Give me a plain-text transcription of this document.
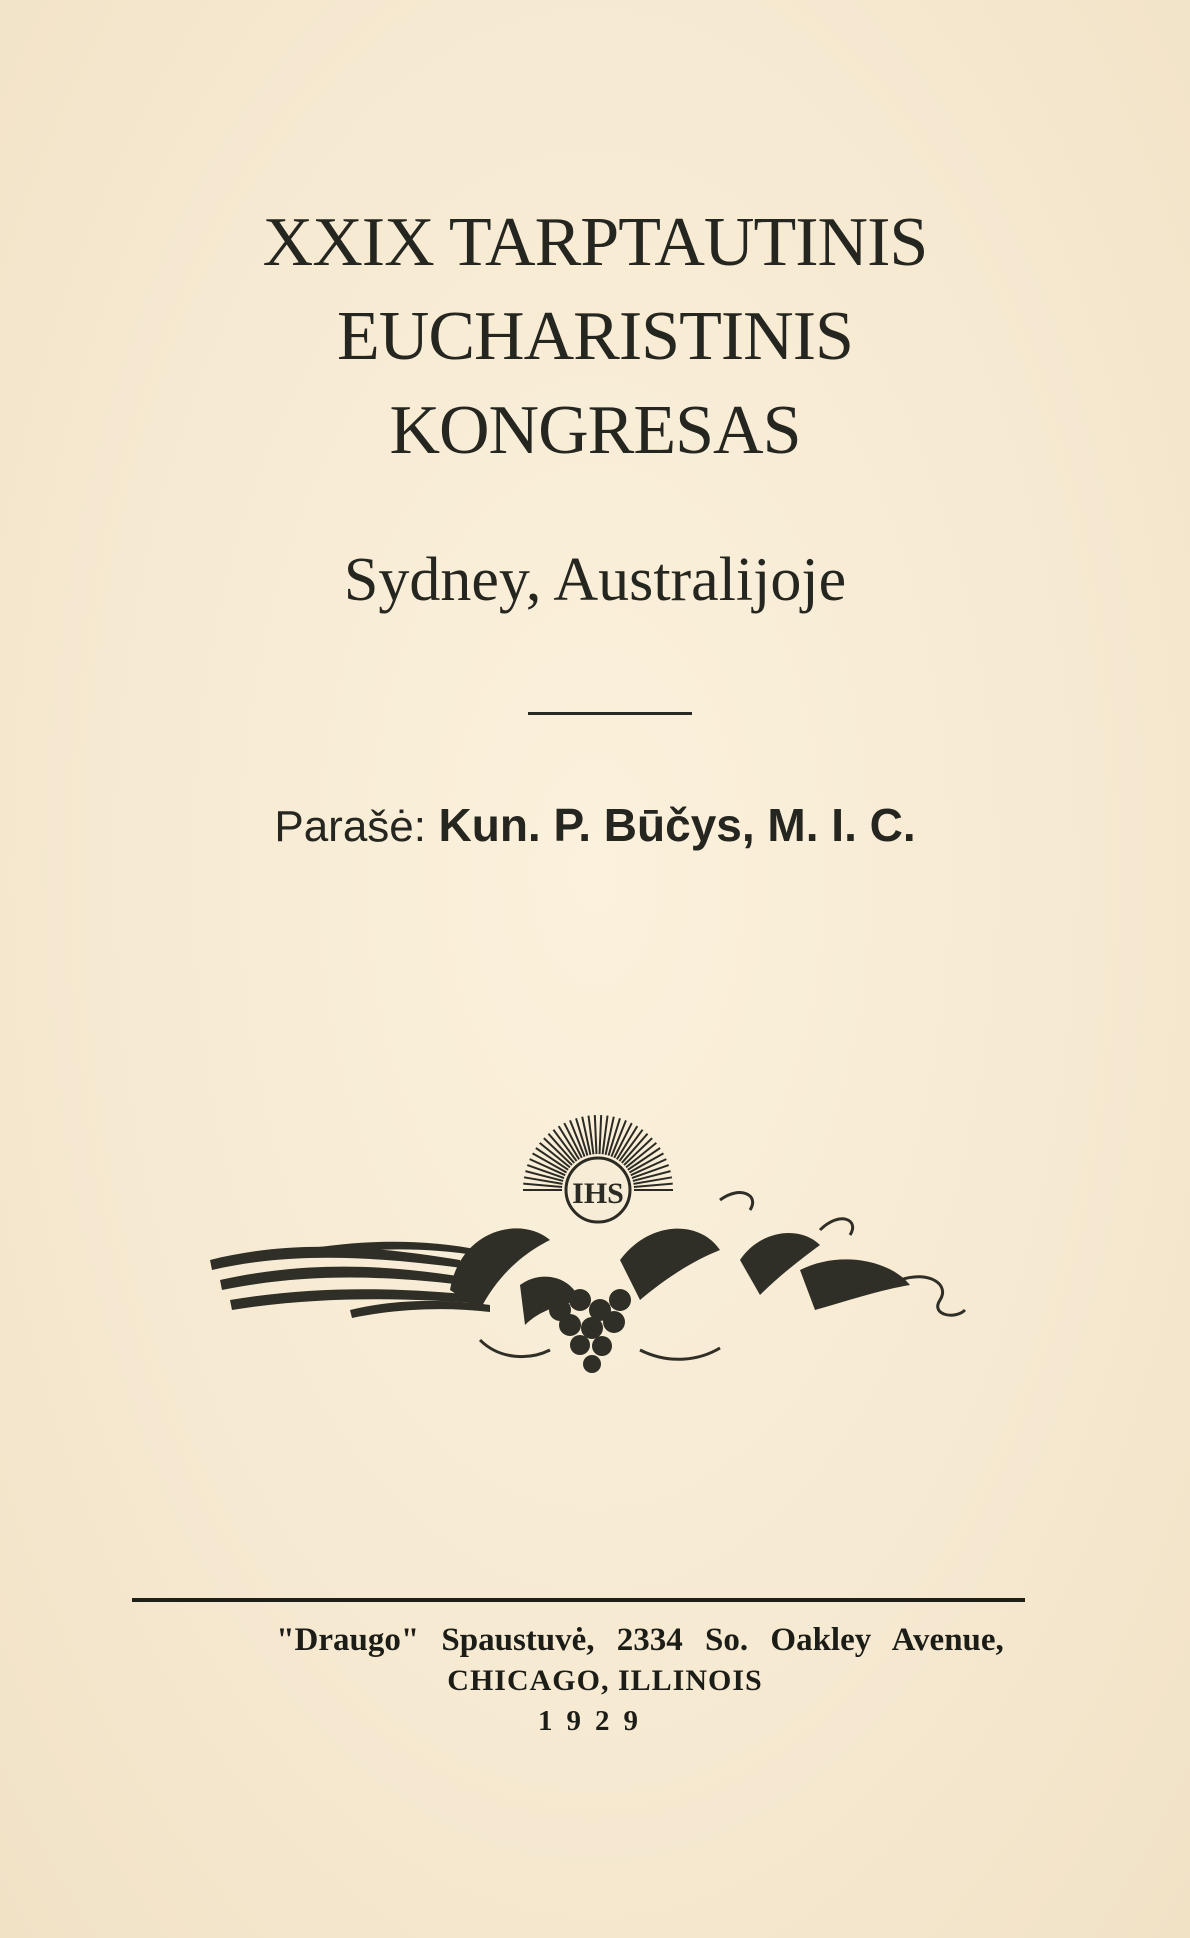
XXIX TARPTAUTINIS
EUCHARISTINIS
KONGRESAS
Sydney, Australijoje
Parašė: Kun. P. Būčys, M. I. C.
IHS
"Draugo" Spaustuvė, 2334 So. Oakley Avenue,
CHICAGO, ILLINOIS
1929
